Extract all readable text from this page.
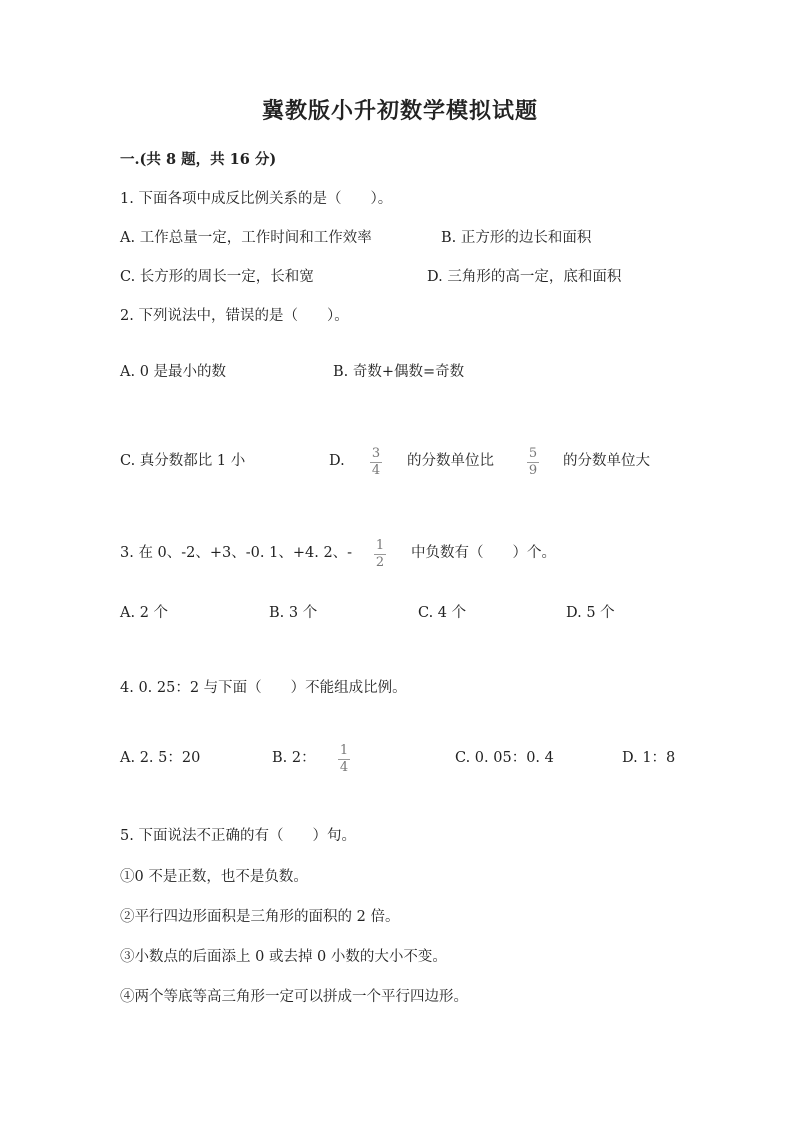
冀教版小升初数学模拟试题
一.(共 8 题，共 16 分)
1. 下面各项中成反比例关系的是（　　）。
A. 工作总量一定，工作时间和工作效率	B. 正方形的边长和面积
C. 长方形的周长一定，长和宽	D. 三角形的高一定，底和面积
2. 下列说法中，错误的是（　　）。
A. 0 是最小的数	B. 奇数+偶数=奇数
C. 真分数都比 1 小	D. 3
4
的分数单位比	5
9
的分数单位大
3. 在 0、-2、+3、-0. 1、+4. 2、- 1
2
中负数有（　　）个。
A. 2 个	B. 3 个	C. 4 个	D. 5 个
4. 0. 25：2 与下面（　　）不能组成比例。
A. 2. 5：20	B. 2： 1
4
C. 0. 05：0. 4	D. 1：8
5. 下面说法不正确的有（　　）句。
①0 不是正数，也不是负数。
②平行四边形面积是三角形的面积的 2 倍。
③小数点的后面添上 0 或去掉 0 小数的大小不变。
④两个等底等高三角形一定可以拼成一个平行四边形。
